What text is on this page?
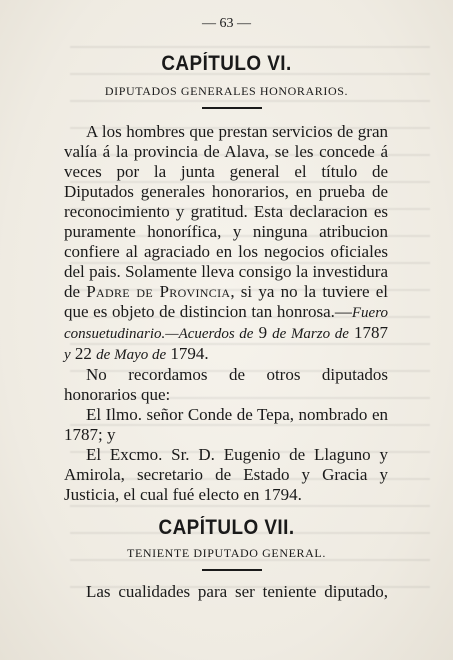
— 63 —
CAPÍTULO VI.
DIPUTADOS GENERALES HONORARIOS.

A los hombres que prestan servicios de gran valía á la provincia de Alava, se les concede á veces por la junta general el título de Diputados generales honorarios, en prueba de reconocimiento y gratitud. Esta declaracion es puramente honorífica, y ninguna atribucion confiere al agraciado en los negocios oficiales del pais. Solamente lleva consigo la investidura de Padre de Provincia, si ya no la tuviere el que es objeto de distincion tan honrosa.—Fuero consuetudinario.—Acuerdos de 9 de Marzo de 1787 y 22 de Mayo de 1794.

No recordamos de otros diputados honorarios que:

El Ilmo. señor Conde de Tepa, nombrado en 1787; y

El Excmo. Sr. D. Eugenio de Llaguno y Amirola, secretario de Estado y Gracia y Justicia, el cual fué electo en 1794.

CAPÍTULO VII.
TENIENTE DIPUTADO GENERAL.
Las cualidades para ser teniente diputado,
